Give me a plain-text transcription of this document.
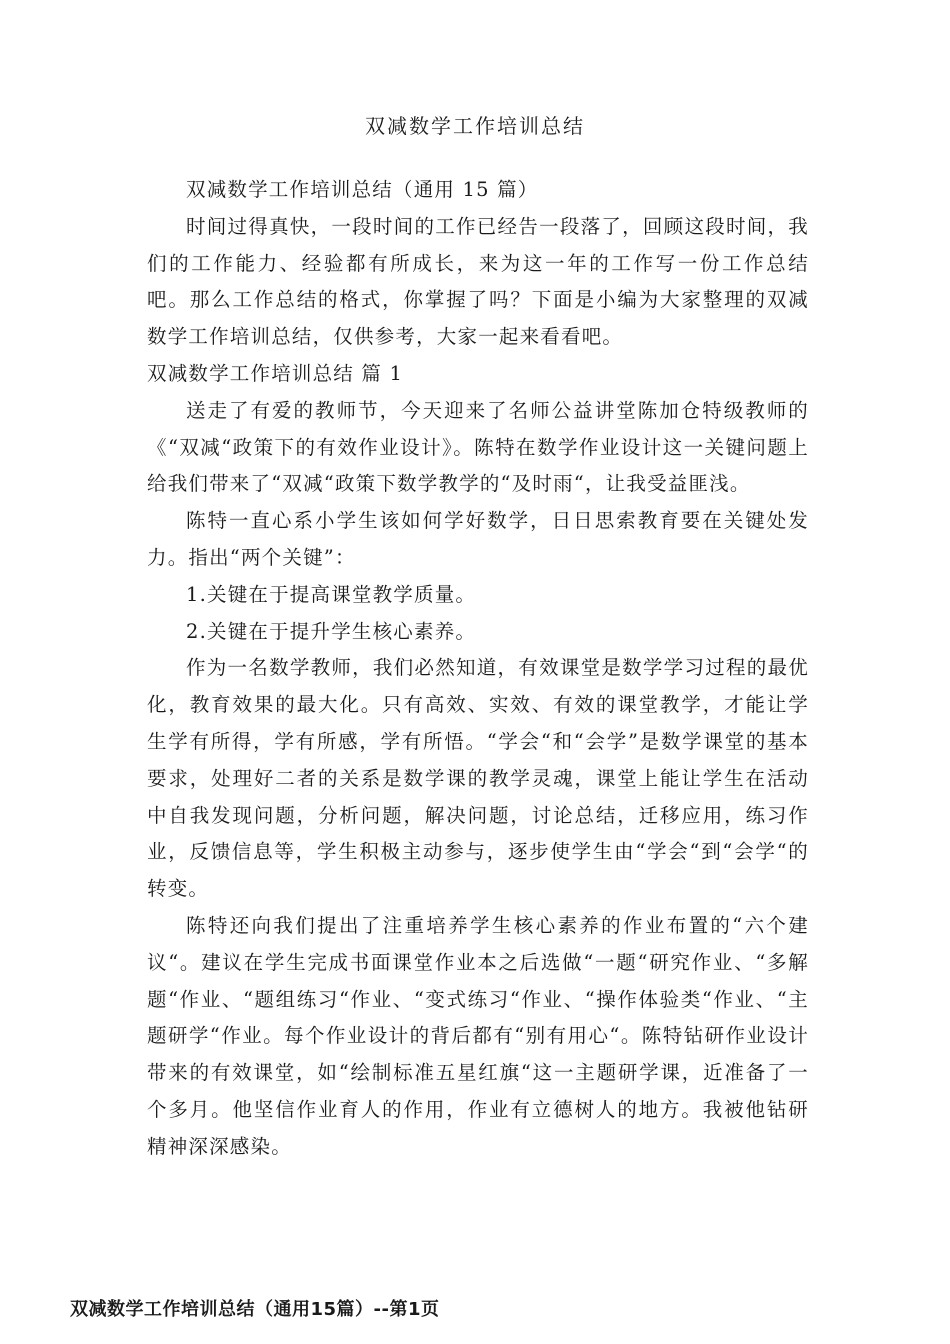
双减数学工作培训总结

双减数学工作培训总结（通用 15 篇）

时间过得真快，一段时间的工作已经告一段落了，回顾这段时间，我们的工作能力、经验都有所成长，来为这一年的工作写一份工作总结吧。那么工作总结的格式，你掌握了吗？下面是小编为大家整理的双减数学工作培训总结，仅供参考，大家一起来看看吧。

双减数学工作培训总结 篇 1

送走了有爱的教师节，今天迎来了名师公益讲堂陈加仓特级教师的《“双减“政策下的有效作业设计》。陈特在数学作业设计这一关键问题上给我们带来了“双减“政策下数学教学的“及时雨“，让我受益匪浅。

陈特一直心系小学生该如何学好数学，日日思索教育要在关键处发力。指出“两个关键”：

1.关键在于提高课堂教学质量。

2.关键在于提升学生核心素养。

作为一名数学教师，我们必然知道，有效课堂是数学学习过程的最优化，教育效果的最大化。只有高效、实效、有效的课堂教学，才能让学生学有所得，学有所感，学有所悟。“学会“和“会学”是数学课堂的基本要求，处理好二者的关系是数学课的教学灵魂，课堂上能让学生在活动中自我发现问题，分析问题，解决问题，讨论总结，迁移应用，练习作业，反馈信息等，学生积极主动参与，逐步使学生由“学会“到“会学“的转变。

陈特还向我们提出了注重培养学生核心素养的作业布置的“六个建议“。建议在学生完成书面课堂作业本之后选做“一题“研究作业、“多解题“作业、“题组练习“作业、“变式练习“作业、“操作体验类“作业、“主题研学“作业。每个作业设计的背后都有“别有用心“。陈特钻研作业设计带来的有效课堂，如“绘制标准五星红旗“这一主题研学课，近准备了一个多月。他坚信作业育人的作用，作业有立德树人的地方。我被他钻研精神深深感染。

双减数学工作培训总结（通用15篇）--第1页
